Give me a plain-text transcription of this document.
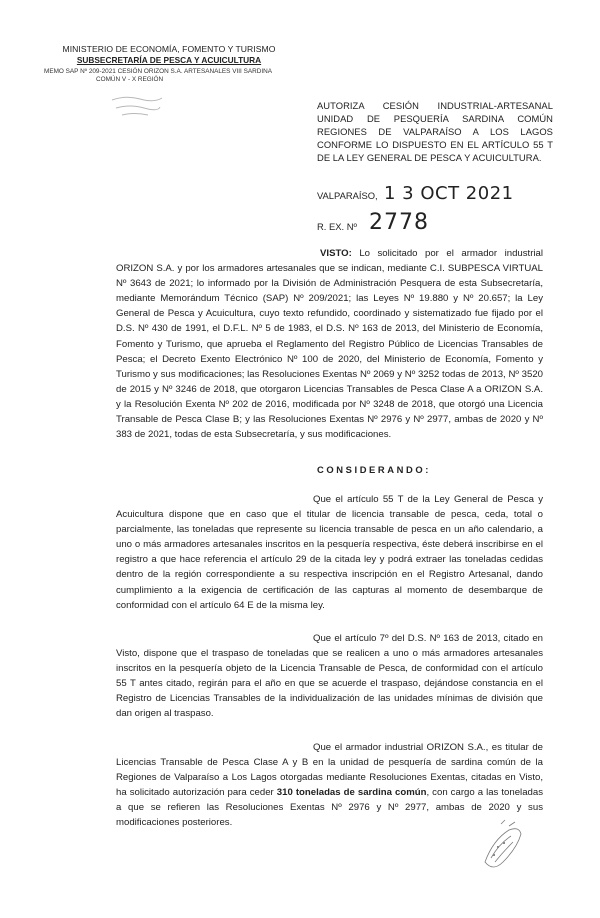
MINISTERIO DE ECONOMÍA, FOMENTO Y TURISMO
SUBSECRETARÍA DE PESCA Y ACUICULTURA
MEMO SAP Nº 209-2021 CESIÓN ORIZON S.A. ARTESANALES VIII SARDINA
COMÚN V - X REGIÓN
AUTORIZA CESIÓN INDUSTRIAL-ARTESANAL UNIDAD DE PESQUERÍA SARDINA COMÚN REGIONES DE VALPARAÍSO A LOS LAGOS CONFORME LO DISPUESTO EN EL ARTÍCULO 55 T DE LA LEY GENERAL DE PESCA Y ACUICULTURA.
VALPARAÍSO, 1 3 OCT 2021
R. EX. Nº 2778
VISTO: Lo solicitado por el armador industrial ORIZON S.A. y por los armadores artesanales que se indican, mediante C.I. SUBPESCA VIRTUAL Nº 3643 de 2021; lo informado por la División de Administración Pesquera de esta Subsecretaría, mediante Memorándum Técnico (SAP) Nº 209/2021; las Leyes Nº 19.880 y Nº 20.657; la Ley General de Pesca y Acuicultura, cuyo texto refundido, coordinado y sistematizado fue fijado por el D.S. Nº 430 de 1991, el D.F.L. Nº 5 de 1983, el D.S. Nº 163 de 2013, del Ministerio de Economía, Fomento y Turismo, que aprueba el Reglamento del Registro Público de Licencias Transables de Pesca; el Decreto Exento Electrónico Nº 100 de 2020, del Ministerio de Economía, Fomento y Turismo y sus modificaciones; las Resoluciones Exentas Nº 2069 y Nº 3252 todas de 2013, Nº 3520 de 2015 y Nº 3246 de 2018, que otorgaron Licencias Transables de Pesca Clase A a ORIZON S.A. y la Resolución Exenta Nº 202 de 2016, modificada por Nº 3248 de 2018, que otorgó una Licencia Transable de Pesca Clase B; y las Resoluciones Exentas Nº 2976 y Nº 2977, ambas de 2020 y Nº 383 de 2021, todas de esta Subsecretaría, y sus modificaciones.
CONSIDERANDO:
Que el artículo 55 T de la Ley General de Pesca y Acuicultura dispone que en caso que el titular de licencia transable de pesca, ceda, total o parcialmente, las toneladas que represente su licencia transable de pesca en un año calendario, a uno o más armadores artesanales inscritos en la pesquería respectiva, éste deberá inscribirse en el registro a que hace referencia el artículo 29 de la citada ley y podrá extraer las toneladas cedidas dentro de la región correspondiente a su respectiva inscripción en el Registro Artesanal, dando cumplimiento a la exigencia de certificación de las capturas al momento de desembarque de conformidad con el artículo 64 E de la misma ley.
Que el artículo 7º del D.S. Nº 163 de 2013, citado en Visto, dispone que el traspaso de toneladas que se realicen a uno o más armadores artesanales inscritos en la pesquería objeto de la Licencia Transable de Pesca, de conformidad con el artículo 55 T antes citado, regirán para el año en que se acuerde el traspaso, dejándose constancia en el Registro de Licencias Transables de la individualización de las unidades mínimas de división que dan origen al traspaso.
Que el armador industrial ORIZON S.A., es titular de Licencias Transable de Pesca Clase A y B en la unidad de pesquería de sardina común de la Regiones de Valparaíso a Los Lagos otorgadas mediante Resoluciones Exentas, citadas en Visto, ha solicitado autorización para ceder 310 toneladas de sardina común, con cargo a las toneladas a que se refieren las Resoluciones Exentas Nº 2976 y Nº 2977, ambas de 2020 y sus modificaciones posteriores.
